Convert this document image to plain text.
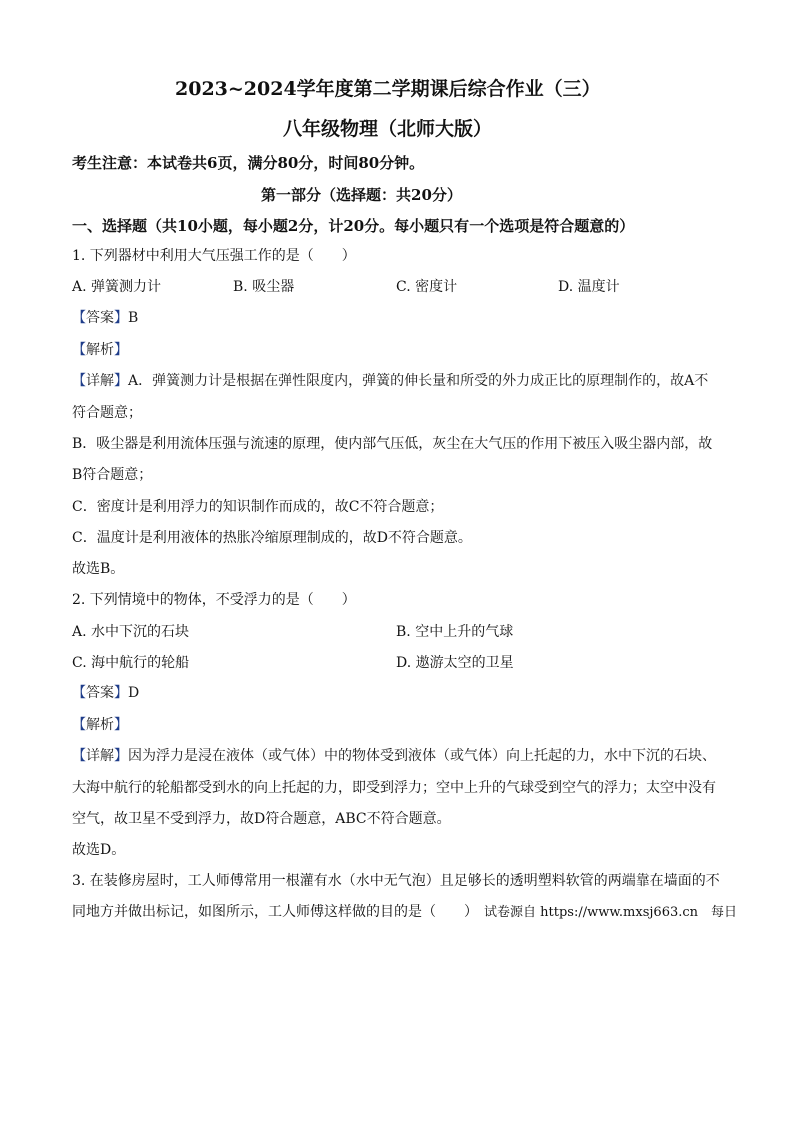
2023~2024学年度第二学期课后综合作业（三）
八年级物理（北师大版）
考生注意：本试卷共6页，满分80分，时间80分钟。
第一部分（选择题：共20分）
一、选择题（共10小题，每小题2分，计20分。每小题只有一个选项是符合题意的）
1. 下列器材中利用大气压强工作的是（　　）
A. 弹簧测力计	B. 吸尘器	C. 密度计	D. 温度计
【答案】B
【解析】
【详解】A．弹簧测力计是根据在弹性限度内，弹簧的伸长量和所受的外力成正比的原理制作的，故A不
符合题意；
B．吸尘器是利用流体压强与流速的原理，使内部气压低，灰尘在大气压的作用下被压入吸尘器内部，故
B符合题意；
C．密度计是利用浮力的知识制作而成的，故C不符合题意；
C．温度计是利用液体的热胀冷缩原理制成的，故D不符合题意。
故选B。
2. 下列情境中的物体，不受浮力的是（　　）
A. 水中下沉的石块	B. 空中上升的气球
C. 海中航行的轮船	D. 遨游太空的卫星
【答案】D
【解析】
【详解】因为浮力是浸在液体（或气体）中的物体受到液体（或气体）向上托起的力，水中下沉的石块、
大海中航行的轮船都受到水的向上托起的力，即受到浮力；空中上升的气球受到空气的浮力；太空中没有
空气，故卫星不受到浮力，故D符合题意，ABC不符合题意。
故选D。
3. 在装修房屋时，工人师傅常用一根灌有水（水中无气泡）且足够长的透明塑料软管的两端靠在墙面的不
同地方并做出标记，如图所示，工人师傅这样做的目的是（　　） 试卷源自 https://www.mxsj663.cn　每日
